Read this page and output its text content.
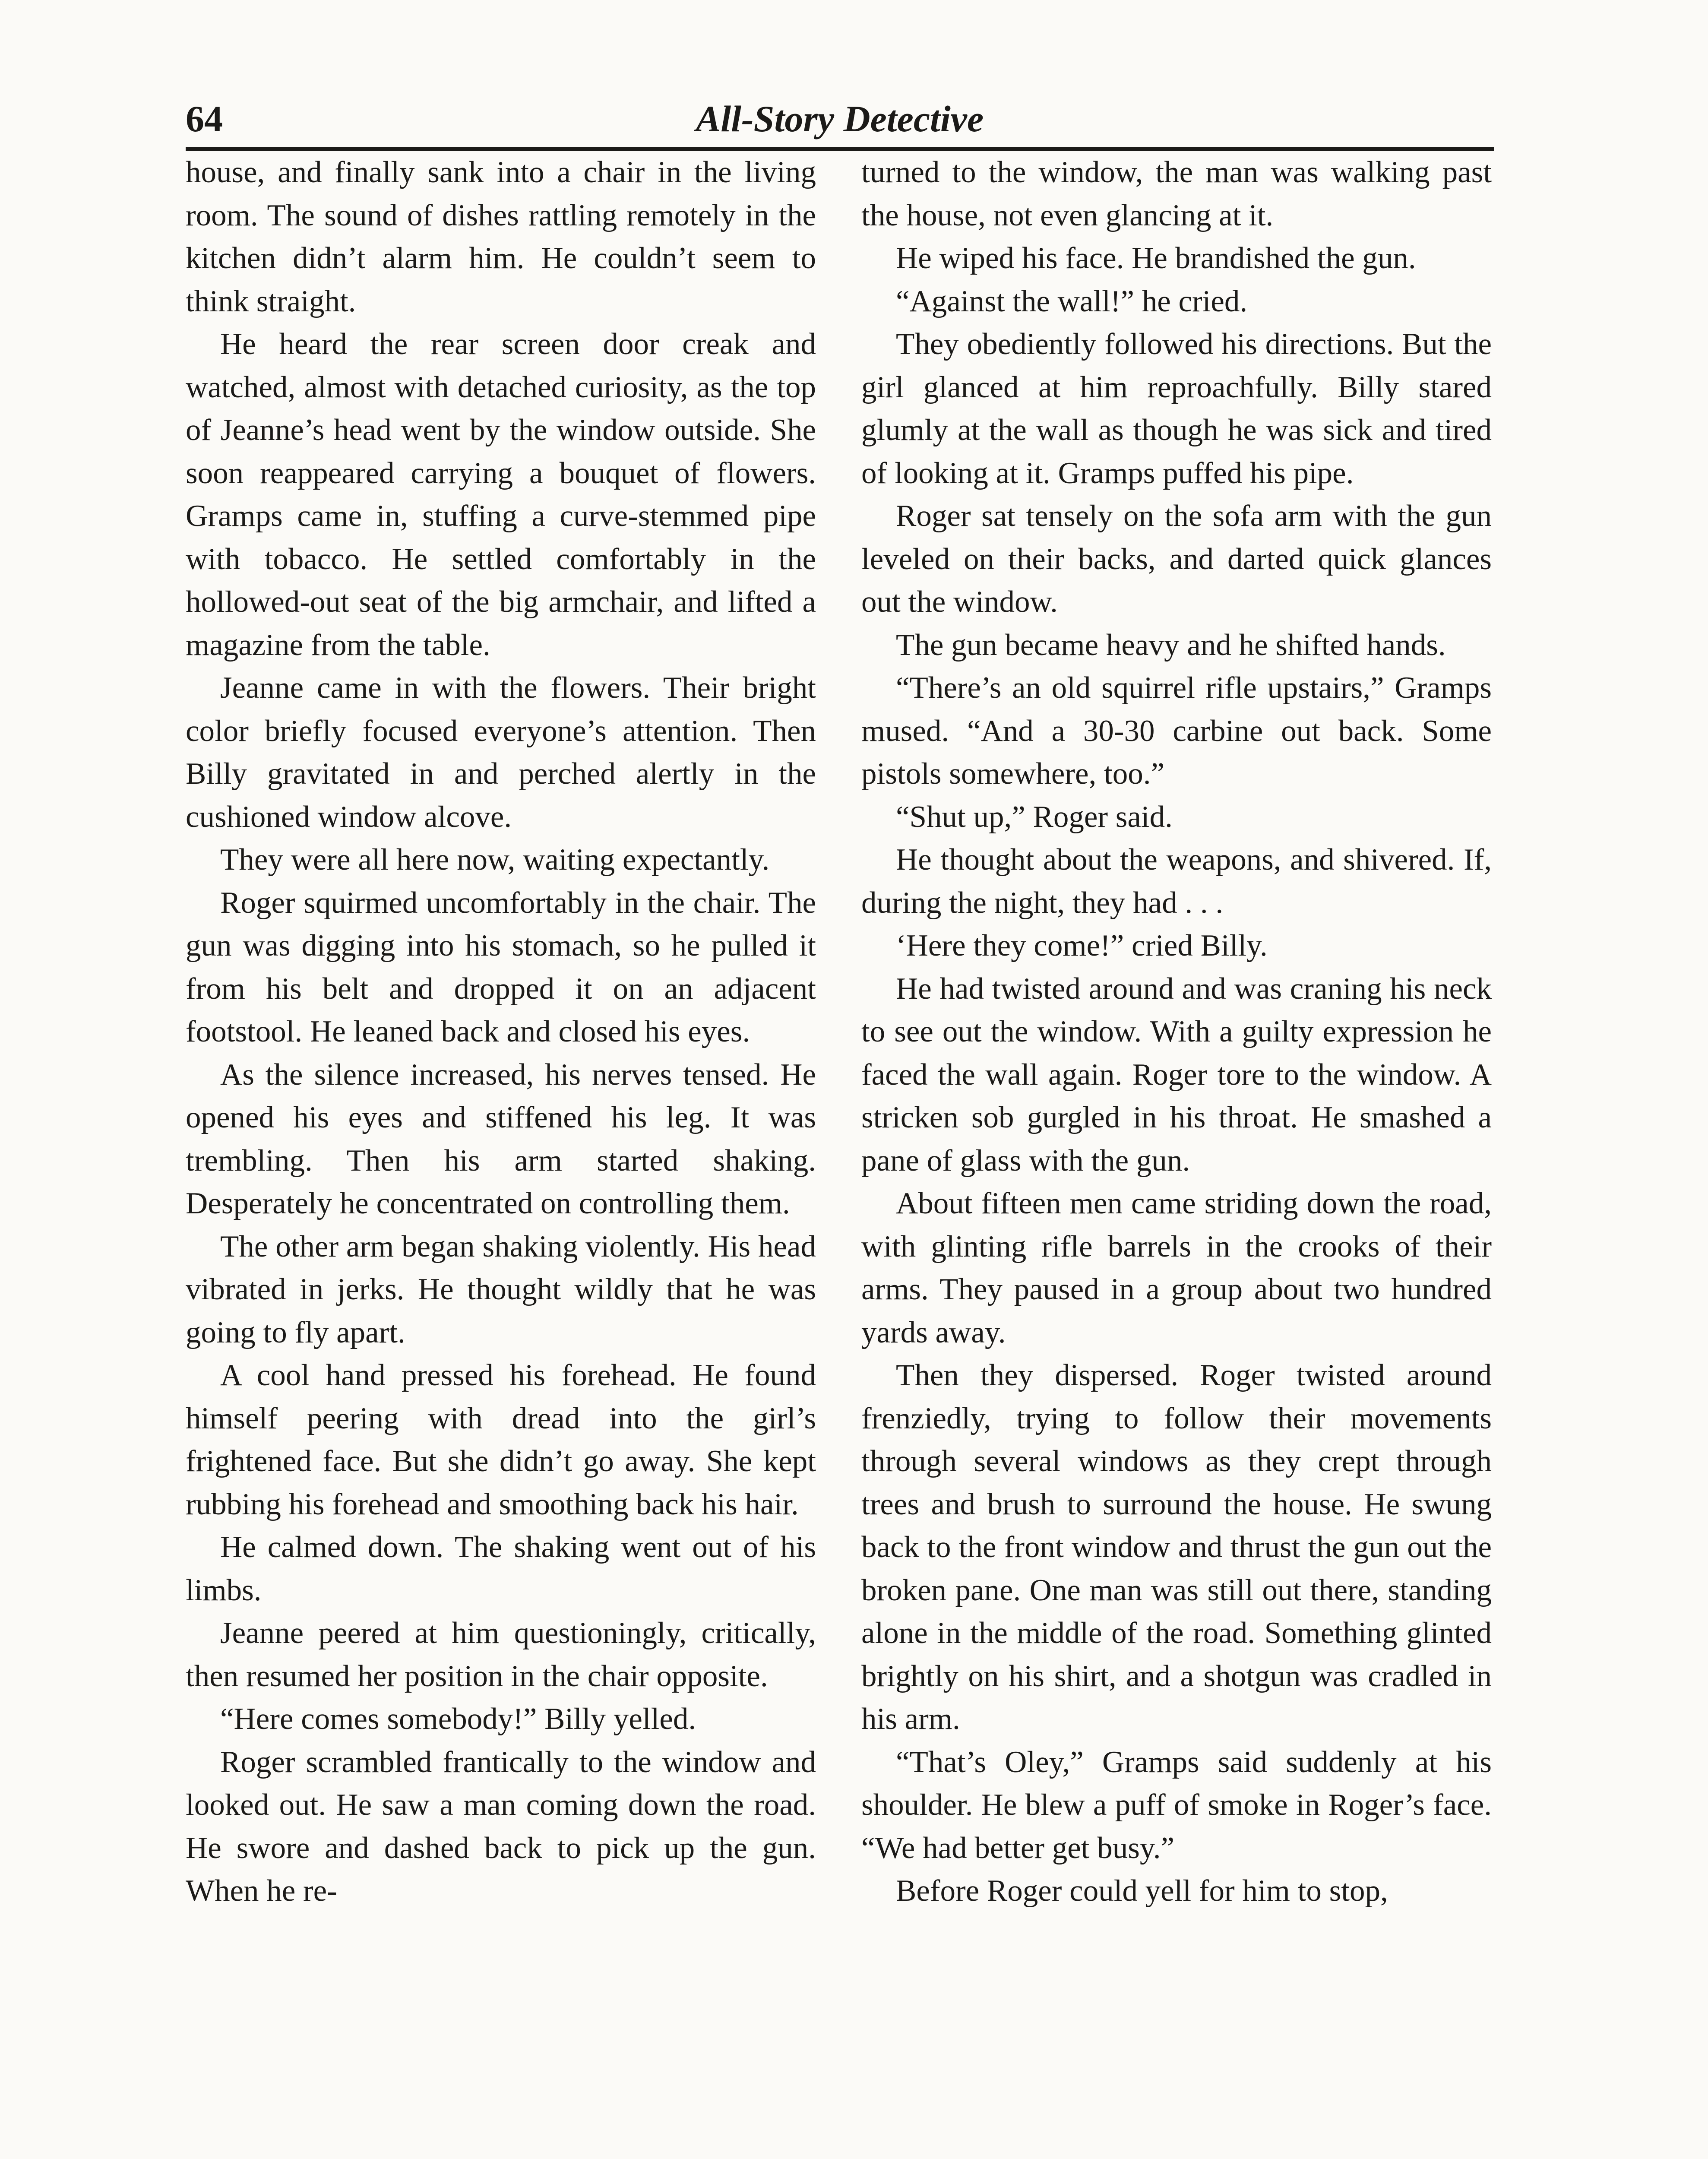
64	All-Story Detective

house, and finally sank into a chair in the living room. The sound of dishes rattling remotely in the kitchen didn’t alarm him. He couldn’t seem to think straight.

He heard the rear screen door creak and watched, almost with detached curiosity, as the top of Jeanne’s head went by the window outside. She soon reappeared carrying a bouquet of flowers. Gramps came in, stuffing a curve-stemmed pipe with tobacco. He settled comfortably in the hollowed-out seat of the big armchair, and lifted a magazine from the table.

Jeanne came in with the flowers. Their bright color briefly focused everyone’s attention. Then Billy gravitated in and perched alertly in the cushioned window alcove.

They were all here now, waiting expectantly.

Roger squirmed uncomfortably in the chair. The gun was digging into his stomach, so he pulled it from his belt and dropped it on an adjacent footstool. He leaned back and closed his eyes.

As the silence increased, his nerves tensed. He opened his eyes and stiffened his leg. It was trembling. Then his arm started shaking. Desperately he concentrated on controlling them.

The other arm began shaking violently. His head vibrated in jerks. He thought wildly that he was going to fly apart.

A cool hand pressed his forehead. He found himself peering with dread into the girl’s frightened face. But she didn’t go away. She kept rubbing his forehead and smoothing back his hair.

He calmed down. The shaking went out of his limbs.

Jeanne peered at him questioningly, critically, then resumed her position in the chair opposite.

“Here comes somebody!” Billy yelled.

Roger scrambled frantically to the window and looked out. He saw a man coming down the road. He swore and dashed back to pick up the gun. When he re-

turned to the window, the man was walking past the house, not even glancing at it.

He wiped his face. He brandished the gun.

“Against the wall!” he cried.

They obediently followed his directions. But the girl glanced at him reproachfully. Billy stared glumly at the wall as though he was sick and tired of looking at it. Gramps puffed his pipe.

Roger sat tensely on the sofa arm with the gun leveled on their backs, and darted quick glances out the window.

The gun became heavy and he shifted hands.

“There’s an old squirrel rifle upstairs,” Gramps mused. “And a 30-30 carbine out back. Some pistols somewhere, too.”

“Shut up,” Roger said.

He thought about the weapons, and shivered. If, during the night, they had . . .

‘Here they come!” cried Billy.

He had twisted around and was craning his neck to see out the window. With a guilty expression he faced the wall again. Roger tore to the window. A stricken sob gurgled in his throat. He smashed a pane of glass with the gun.

About fifteen men came striding down the road, with glinting rifle barrels in the crooks of their arms. They paused in a group about two hundred yards away.

Then they dispersed. Roger twisted around frenziedly, trying to follow their movements through several windows as they crept through trees and brush to surround the house. He swung back to the front window and thrust the gun out the broken pane. One man was still out there, standing alone in the middle of the road. Something glinted brightly on his shirt, and a shotgun was cradled in his arm.

“That’s Oley,” Gramps said suddenly at his shoulder. He blew a puff of smoke in Roger’s face. “We had better get busy.”

Before Roger could yell for him to stop,
